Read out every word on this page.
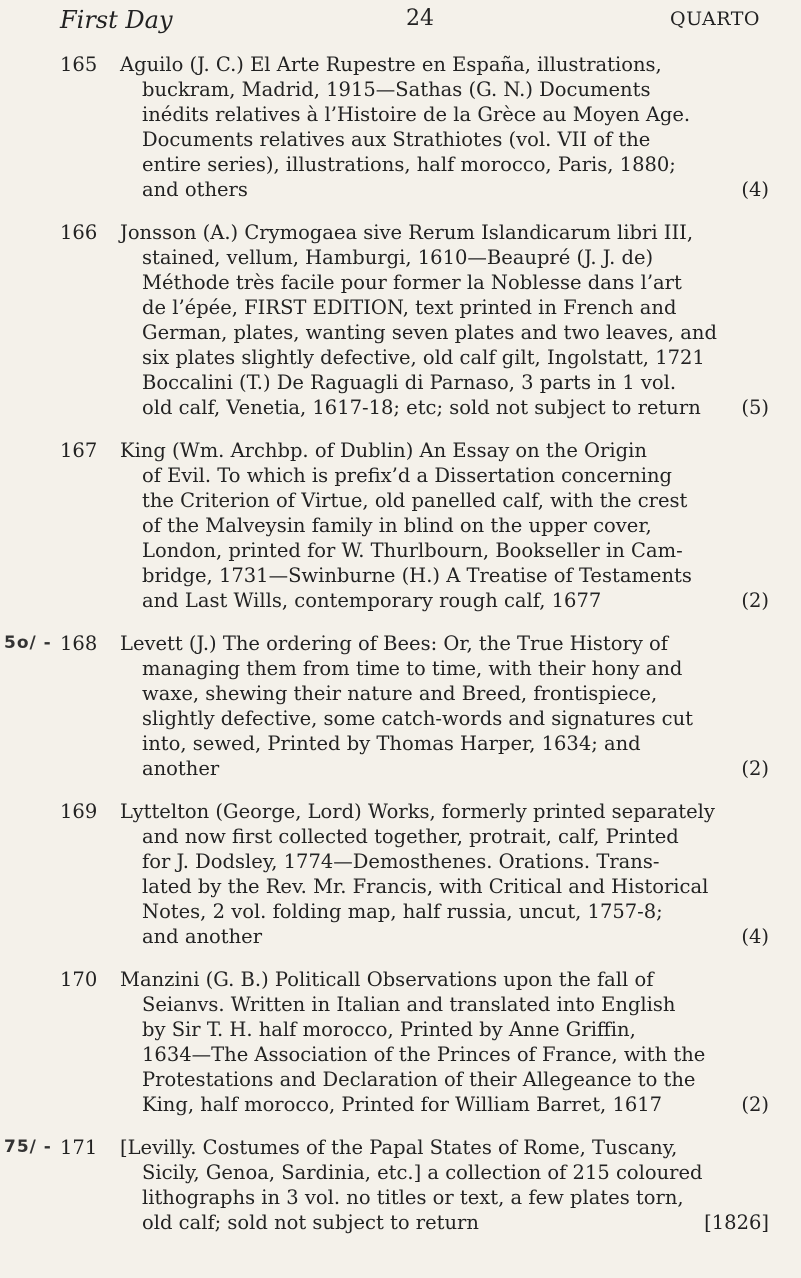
First Day	24	QUARTO
165	Aguilo (J. C.) El Arte Rupestre en España, illustrations,
buckram, Madrid, 1915—Sathas (G. N.) Documents
inédits relatives à l’Histoire de la Grèce au Moyen Age.
Documents relatives aux Strathiotes (vol. VII of the
entire series), illustrations, half morocco, Paris, 1880;
and others	(4)
166	Jonsson (A.) Crymogaea sive Rerum Islandicarum libri III,
stained, vellum, Hamburgi, 1610—Beaupré (J. J. de)
Méthode très facile pour former la Noblesse dans l’art
de l’épée, FIRST EDITION, text printed in French and
German, plates, wanting seven plates and two leaves, and
six plates slightly defective, old calf gilt, Ingolstatt, 1721
Boccalini (T.) De Raguagli di Parnaso, 3 parts in 1 vol.
old calf, Venetia, 1617-18; etc; sold not subject to return (5)
167	King (Wm. Archbp. of Dublin) An Essay on the Origin
of Evil. To which is prefix’d a Dissertation concerning
the Criterion of Virtue, old panelled calf, with the crest
of the Malveysin family in blind on the upper cover,
London, printed for W. Thurlbourn, Bookseller in Cam-
bridge, 1731—Swinburne (H.) A Treatise of Testaments
and Last Wills, contemporary rough calf, 1677	(2)
5o/ - 168	Levett (J.) The ordering of Bees: Or, the True History of
managing them from time to time, with their hony and
waxe, shewing their nature and Breed, frontispiece,
slightly defective, some catch-words and signatures cut
into, sewed, Printed by Thomas Harper, 1634; and
another	(2)
169	Lyttelton (George, Lord) Works, formerly printed separately
and now first collected together, protrait, calf, Printed
for J. Dodsley, 1774—Demosthenes. Orations. Trans-
lated by the Rev. Mr. Francis, with Critical and Historical
Notes, 2 vol. folding map, half russia, uncut, 1757-8;
and another	(4)
170	Manzini (G. B.) Politicall Observations upon the fall of
Seianvs. Written in Italian and translated into English
by Sir T. H. half morocco, Printed by Anne Griffin,
1634—The Association of the Princes of France, with the
Protestations and Declaration of their Allegeance to the
King, half morocco, Printed for William Barret, 1617	(2)
75/ - 171	[Levilly. Costumes of the Papal States of Rome, Tuscany,
Sicily, Genoa, Sardinia, etc.] a collection of 215 coloured
lithographs in 3 vol. no titles or text, a few plates torn,
old calf; sold not subject to return	[1826]
